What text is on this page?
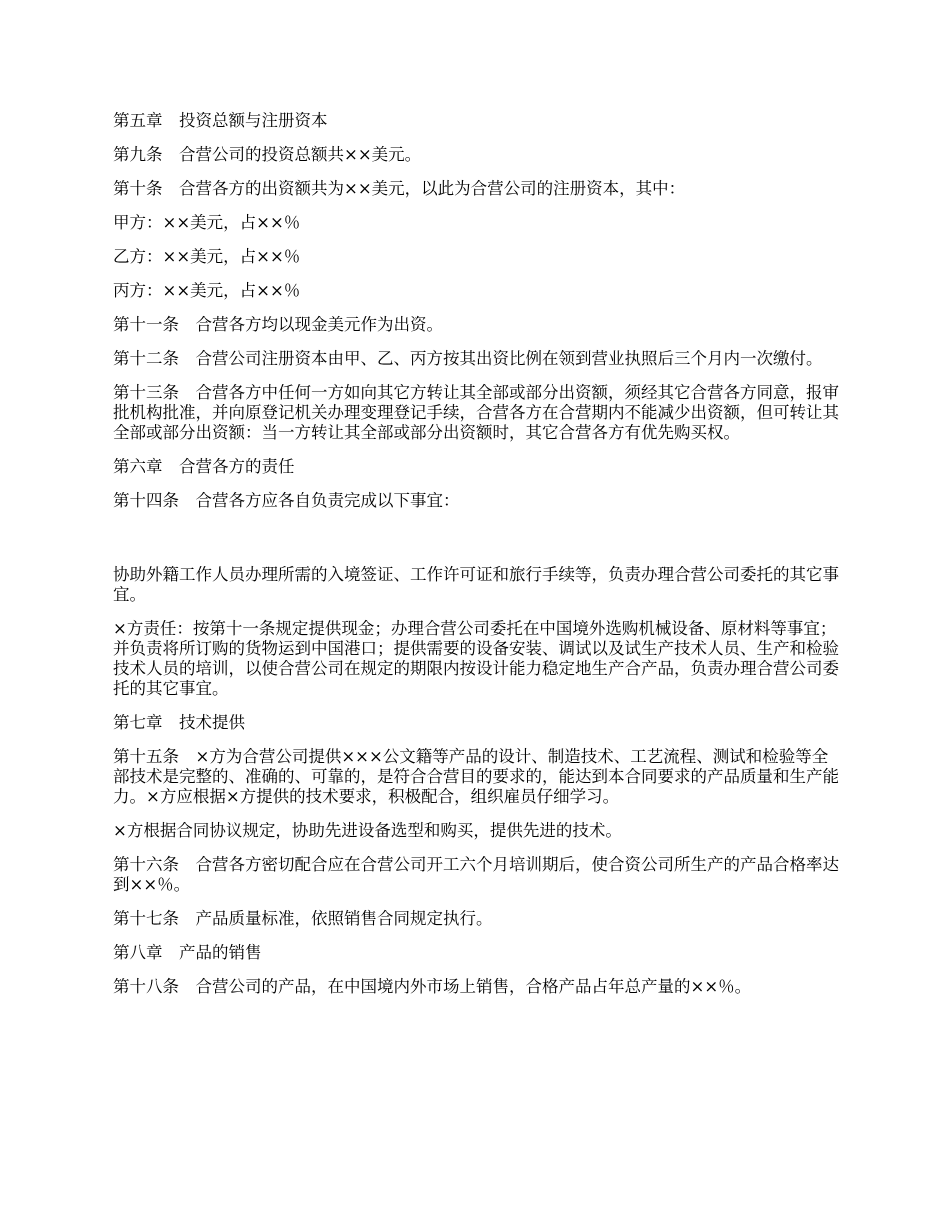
第五章　投资总额与注册资本

第九条　合营公司的投资总额共××美元。

第十条　合营各方的出资额共为××美元，以此为合营公司的注册资本，其中：

甲方：××美元，占××％

乙方：××美元，占××％

丙方：××美元，占××％

第十一条　合营各方均以现金美元作为出资。

第十二条　合营公司注册资本由甲、乙、丙方按其出资比例在领到营业执照后三个月内一次缴付。

第十三条　合营各方中任何一方如向其它方转让其全部或部分出资额，须经其它合营各方同意，报审批机构批准，并向原登记机关办理变理登记手续，合营各方在合营期内不能减少出资额，但可转让其全部或部分出资额：当一方转让其全部或部分出资额时，其它合营各方有优先购买权。

第六章　合营各方的责任

第十四条　合营各方应各自负责完成以下事宜：

协助外籍工作人员办理所需的入境签证、工作许可证和旅行手续等，负责办理合营公司委托的其它事宜。

×方责任：按第十一条规定提供现金；办理合营公司委托在中国境外选购机械设备、原材料等事宜；并负责将所订购的货物运到中国港口；提供需要的设备安装、调试以及试生产技术人员、生产和检验技术人员的培训，以使合营公司在规定的期限内按设计能力稳定地生产合产品，负责办理合营公司委托的其它事宜。

第七章　技术提供

第十五条　×方为合营公司提供×××公文籍等产品的设计、制造技术、工艺流程、测试和检验等全部技术是完整的、准确的、可靠的，是符合合营目的要求的，能达到本合同要求的产品质量和生产能力。×方应根据×方提供的技术要求，积极配合，组织雇员仔细学习。

×方根据合同协议规定，协助先进设备选型和购买，提供先进的技术。

第十六条　合营各方密切配合应在合营公司开工六个月培训期后，使合资公司所生产的产品合格率达到××％。

第十七条　产品质量标准，依照销售合同规定执行。

第八章　产品的销售

第十八条　合营公司的产品，在中国境内外市场上销售，合格产品占年总产量的××％。
